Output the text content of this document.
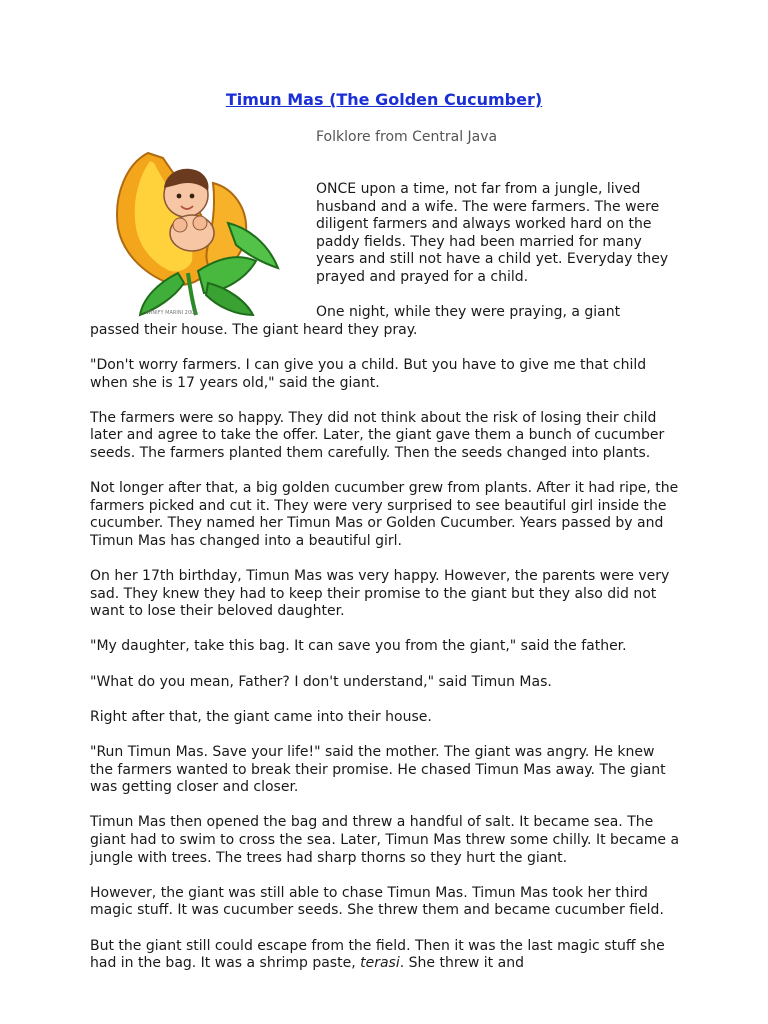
Timun Mas (The Golden Cucumber)
Folklore from Central Java
WINIFY MARINI 2007

ONCE upon a time, not far from a jungle, lived husband and a wife. The were farmers. The were diligent farmers and always worked hard on the paddy fields. They had been married for many years and still not have a child yet. Everyday they prayed and prayed for a child.

One night, while they were praying, a giant
passed their house. The giant heard they pray.

"Don't worry farmers. I can give you a child. But you have to give me that child when she is 17 years old," said the giant.

The farmers were so happy. They did not think about the risk of losing their child later and agree to take the offer. Later, the giant gave them a bunch of cucumber seeds. The farmers planted them carefully. Then the seeds changed into plants.

Not longer after that, a big golden cucumber grew from plants. After it had ripe, the farmers picked and cut it. They were very surprised to see beautiful girl inside the cucumber. They named her Timun Mas or Golden Cucumber. Years passed by and Timun Mas has changed into a beautiful girl.

On her 17th birthday, Timun Mas was very happy. However, the parents were very sad. They knew they had to keep their promise to the giant but they also did not want to lose their beloved daughter.

"My daughter, take this bag. It can save you from the giant," said the father.

"What do you mean, Father? I don't understand," said Timun Mas.

Right after that, the giant came into their house.

"Run Timun Mas. Save your life!" said the mother. The giant was angry. He knew the farmers wanted to break their promise. He chased Timun Mas away. The giant was getting closer and closer.

Timun Mas then opened the bag and threw a handful of salt. It became sea. The giant had to swim to cross the sea. Later, Timun Mas threw some chilly. It became a jungle with trees. The trees had sharp thorns so they hurt the giant.

However, the giant was still able to chase Timun Mas. Timun Mas took her third magic stuff. It was cucumber seeds. She threw them and became cucumber field.

But the giant still could escape from the field. Then it was the last magic stuff she had in the bag. It was a shrimp paste, terasi. She threw it and
